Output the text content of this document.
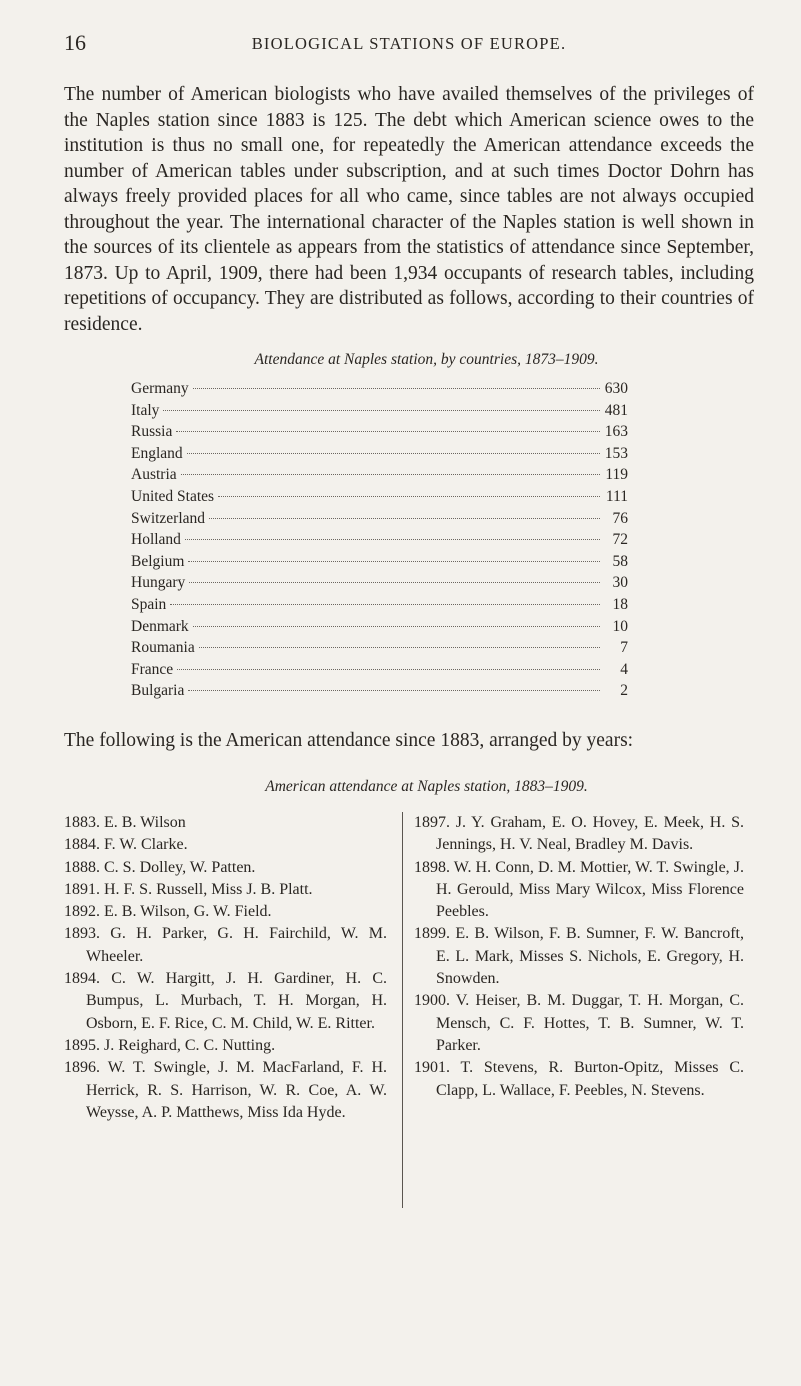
16	BIOLOGICAL STATIONS OF EUROPE.

The number of American biologists who have availed themselves of the privileges of the Naples station since 1883 is 125. The debt which American science owes to the institution is thus no small one, for repeatedly the American attendance exceeds the number of American tables under subscription, and at such times Doctor Dohrn has always freely provided places for all who came, since tables are not always occupied throughout the year. The international character of the Naples station is well shown in the sources of its clientele as appears from the statistics of attendance since September, 1873. Up to April, 1909, there had been 1,934 occupants of research tables, including repetitions of occupancy. They are distributed as follows, according to their countries of residence.

Attendance at Naples station, by countries, 1873–1909.

Germany	630
Italy	481
Russia	163
England	153
Austria	119
United States	111
Switzerland	76
Holland	72
Belgium	58
Hungary	30
Spain	18
Denmark	10
Roumania	7
France	4
Bulgaria	2

The following is the American attendance since 1883, arranged by years:

American attendance at Naples station, 1883–1909.

1883. E. B. Wilson

1884. F. W. Clarke.

1888. C. S. Dolley, W. Patten.

1891. H. F. S. Russell, Miss J. B. Platt.

1892. E. B. Wilson, G. W. Field.

1893. G. H. Parker, G. H. Fairchild, W. M. Wheeler.

1894. C. W. Hargitt, J. H. Gardiner, H. C. Bumpus, L. Murbach, T. H. Morgan, H. Osborn, E. F. Rice, C. M. Child, W. E. Ritter.

1895. J. Reighard, C. C. Nutting.

1896. W. T. Swingle, J. M. MacFarland, F. H. Herrick, R. S. Harrison, W. R. Coe, A. W. Weysse, A. P. Matthews, Miss Ida Hyde.

1897. J. Y. Graham, E. O. Hovey, E. Meek, H. S. Jennings, H. V. Neal, Bradley M. Davis.

1898. W. H. Conn, D. M. Mottier, W. T. Swingle, J. H. Gerould, Miss Mary Wilcox, Miss Florence Peebles.

1899. E. B. Wilson, F. B. Sumner, F. W. Bancroft, E. L. Mark, Misses S. Nichols, E. Gregory, H. Snowden.

1900. V. Heiser, B. M. Duggar, T. H. Morgan, C. Mensch, C. F. Hottes, T. B. Sumner, W. T. Parker.

1901. T. Stevens, R. Burton-Opitz, Misses C. Clapp, L. Wallace, F. Peebles, N. Stevens.
